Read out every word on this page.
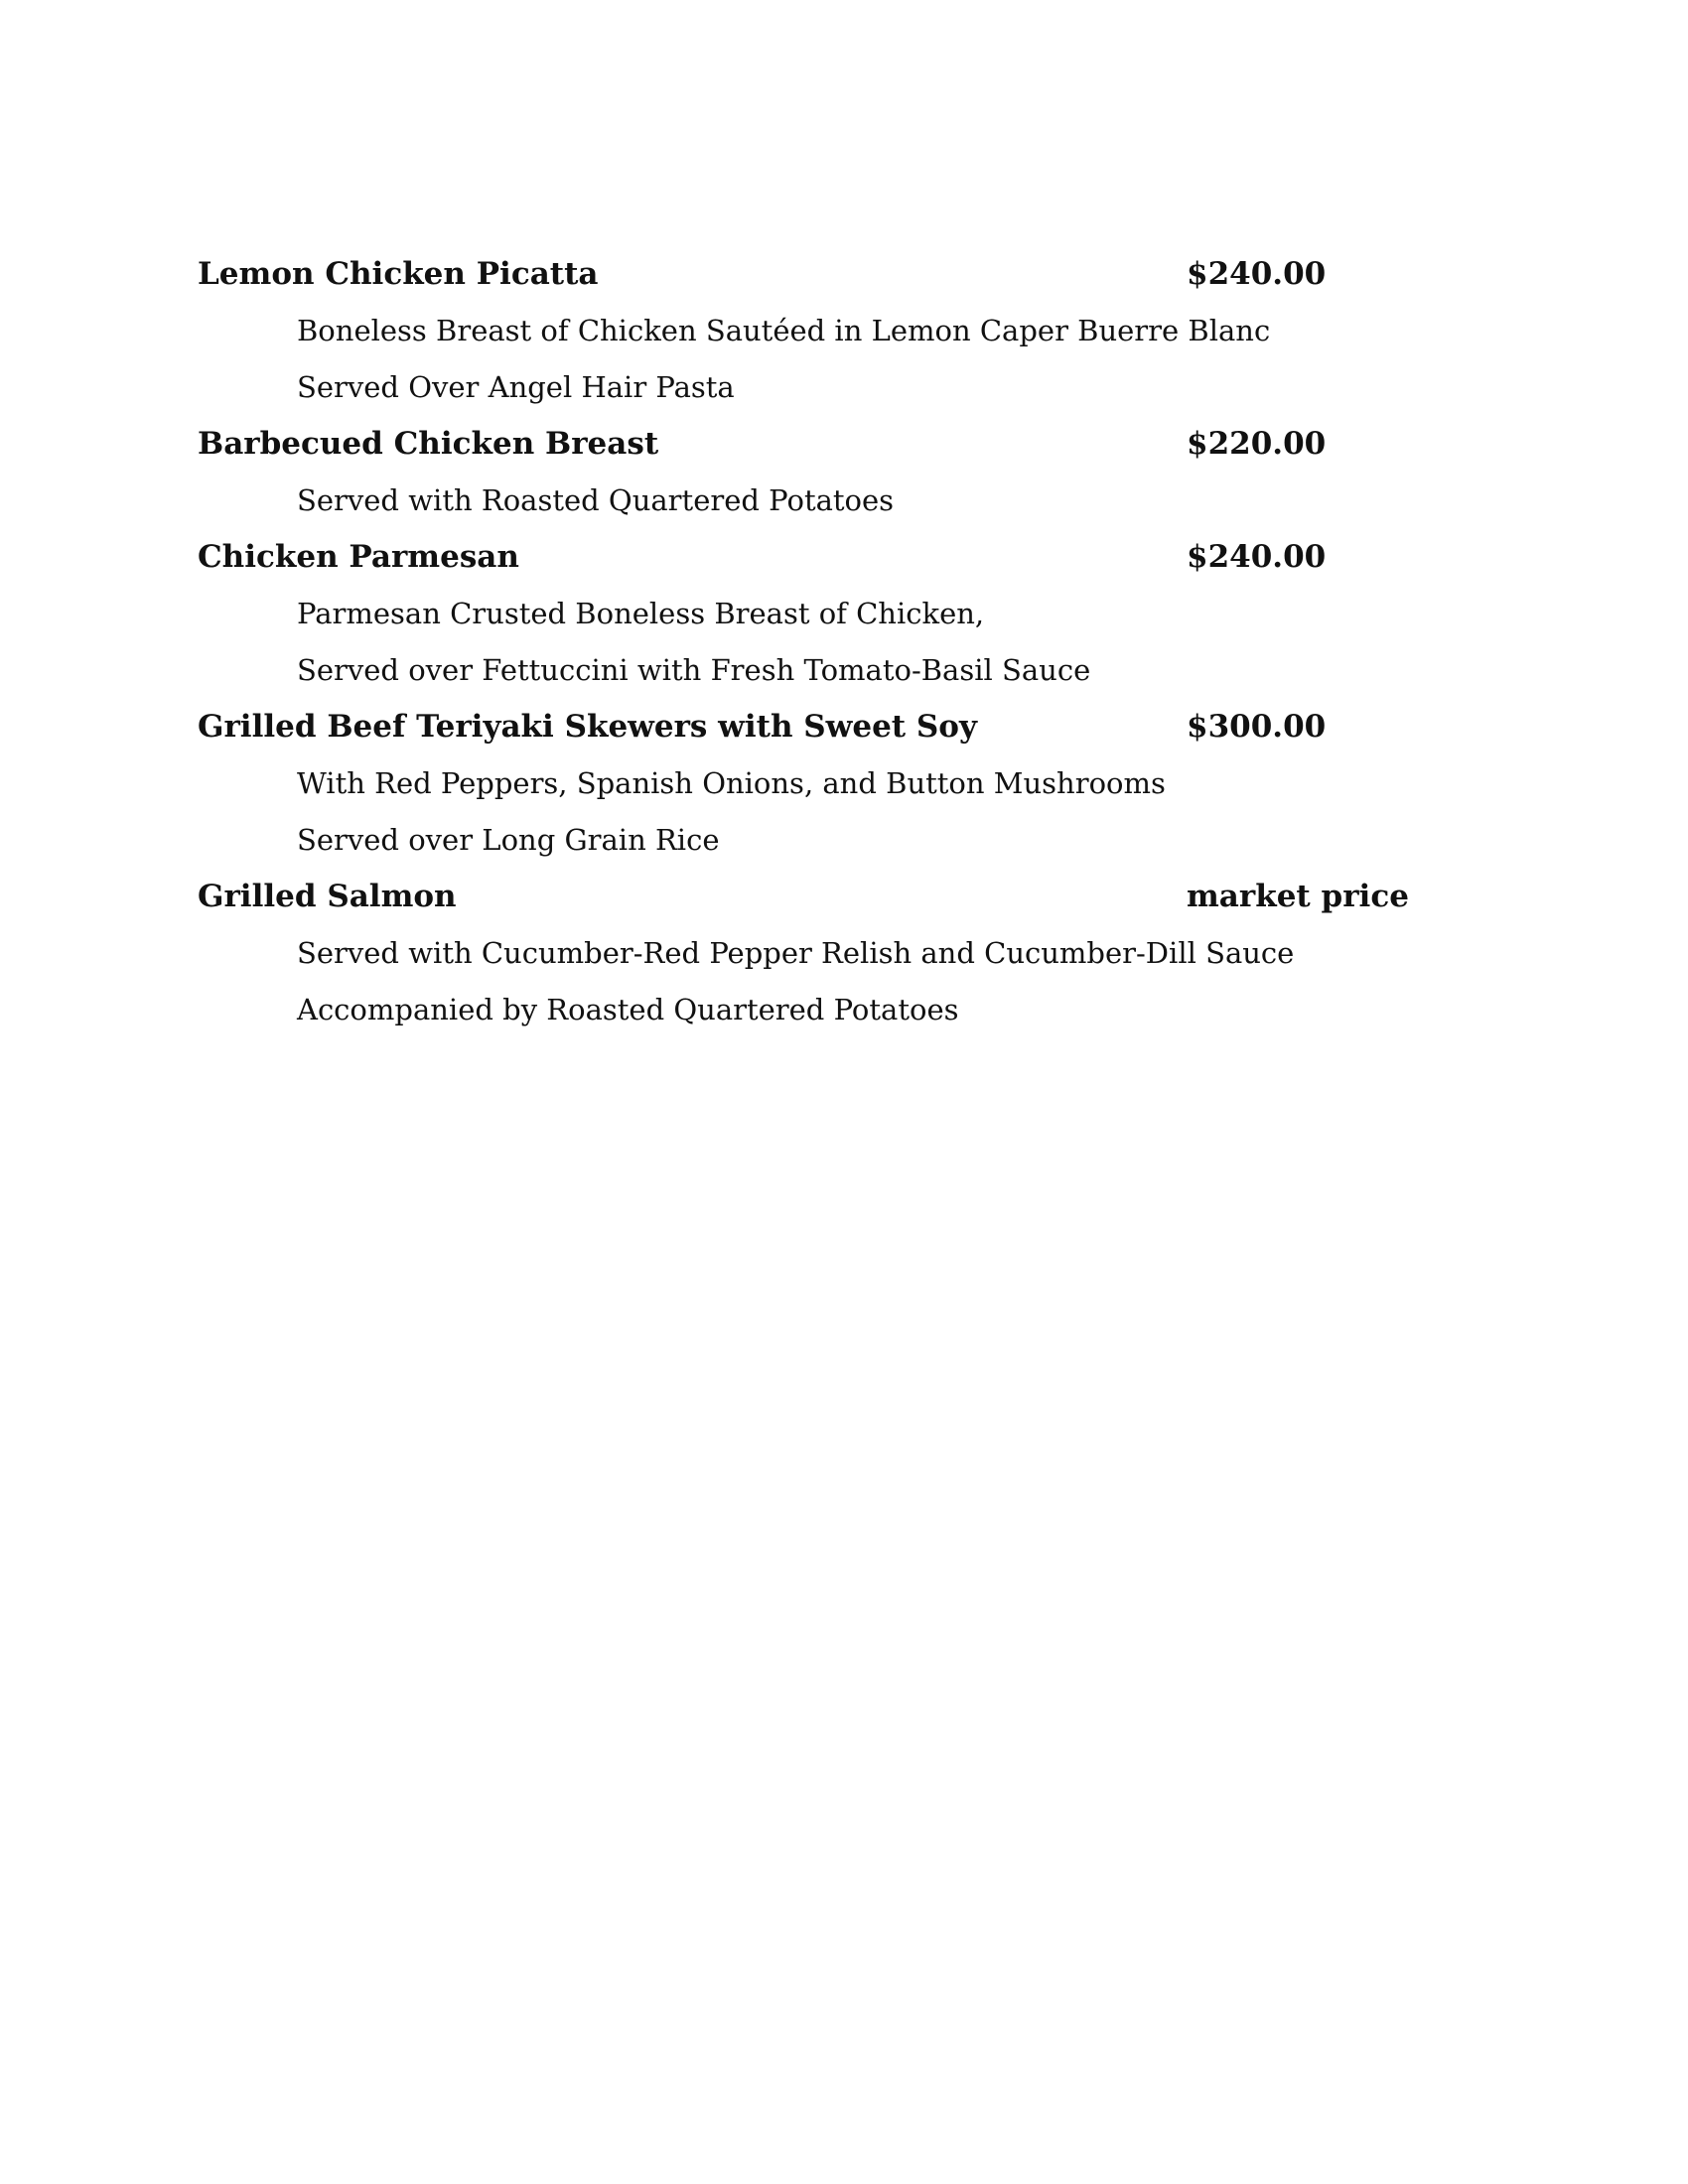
Lemon Chicken Picatta	$240.00
Boneless Breast of Chicken Sautéed in Lemon Caper Buerre Blanc
Served Over Angel Hair Pasta
Barbecued Chicken Breast	$220.00
Served with Roasted Quartered Potatoes
Chicken Parmesan	$240.00
Parmesan Crusted Boneless Breast of Chicken,
Served over Fettuccini with Fresh Tomato-Basil Sauce
Grilled Beef Teriyaki Skewers with Sweet Soy	$300.00
With Red Peppers, Spanish Onions, and Button Mushrooms
Served over Long Grain Rice
Grilled Salmon	market price
Served with Cucumber-Red Pepper Relish and Cucumber-Dill Sauce
Accompanied by Roasted Quartered Potatoes
